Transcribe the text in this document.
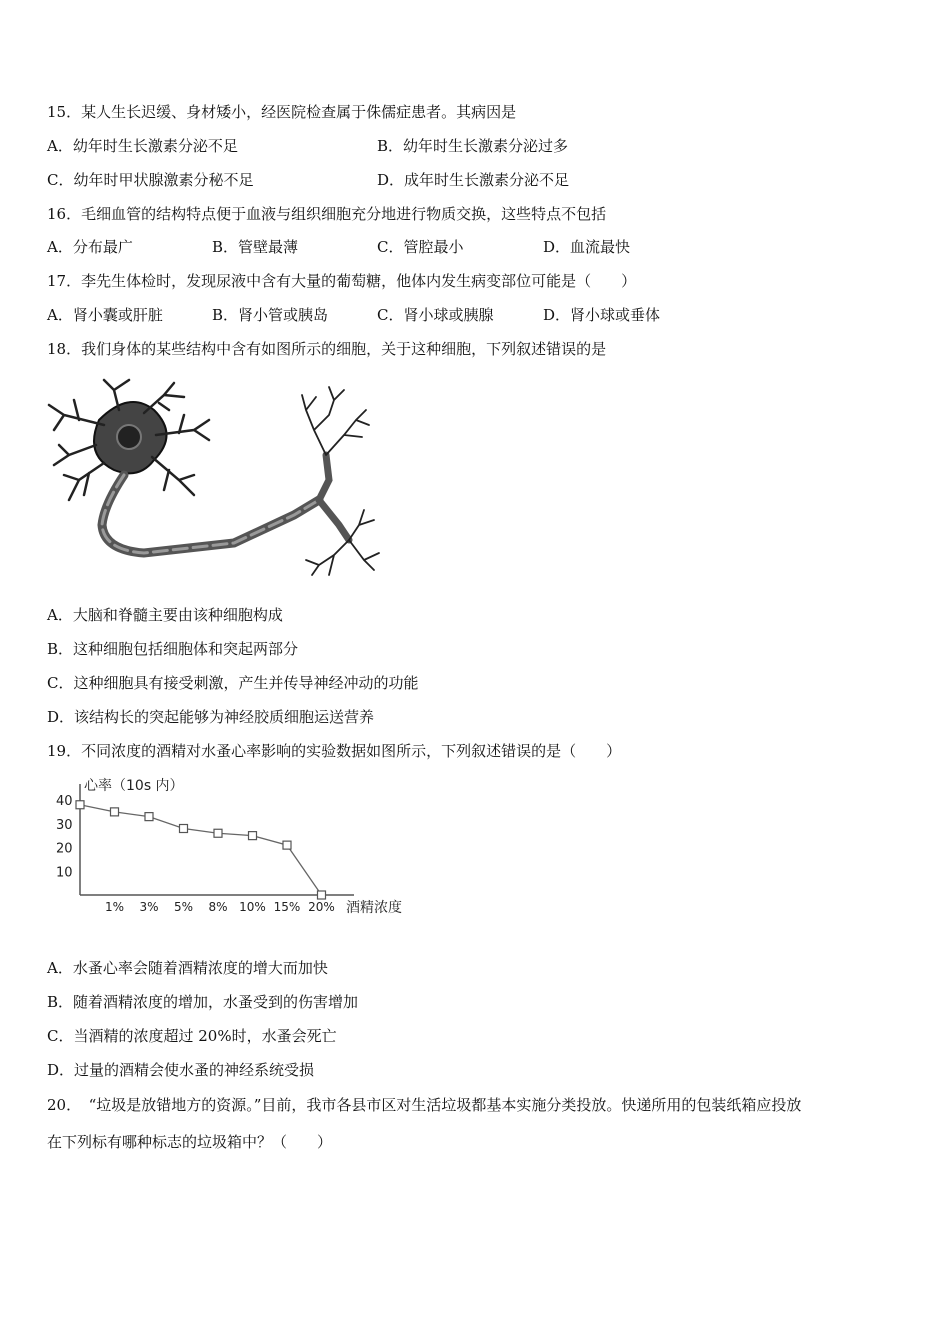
15．某人生长迟缓、身材矮小，经医院检查属于侏儒症患者。其病因是
A．幼年时生长激素分泌不足	B．幼年时生长激素分泌过多
C．幼年时甲状腺激素分秘不足	D．成年时生长激素分泌不足
16．毛细血管的结构特点便于血液与组织细胞充分地进行物质交换，这些特点不包括
A．分布最广	B．管壁最薄	C．管腔最小	D．血流最快
17．李先生体检时，发现尿液中含有大量的葡萄糖，他体内发生病变部位可能是（　　）
A．肾小囊或肝脏	B．肾小管或胰岛	C．肾小球或胰腺	D．肾小球或垂体
18．我们身体的某些结构中含有如图所示的细胞，关于这种细胞，下列叙述错误的是
A．大脑和脊髓主要由该种细胞构成
B．这种细胞包括细胞体和突起两部分
C．这种细胞具有接受刺激，产生并传导神经冲动的功能
D．该结构长的突起能够为神经胶质细胞运送营养
19．不同浓度的酒精对水蚤心率影响的实验数据如图所示，下列叙述错误的是（　　）
心率（10s 内）
酒精浓度
40
30
20
10
1% 3% 5% 8% 10% 15% 20%
A．水蚤心率会随着酒精浓度的增大而加快
B．随着酒精浓度的增加，水蚤受到的伤害增加
C．当酒精的浓度超过 20%时，水蚤会死亡
D．过量的酒精会使水蚤的神经系统受损
20．　“垃圾是放错地方的资源。”目前，我市各县市区对生活垃圾都基本实施分类投放。快递所用的包装纸箱应投放
在下列标有哪种标志的垃圾箱中？（　　）
